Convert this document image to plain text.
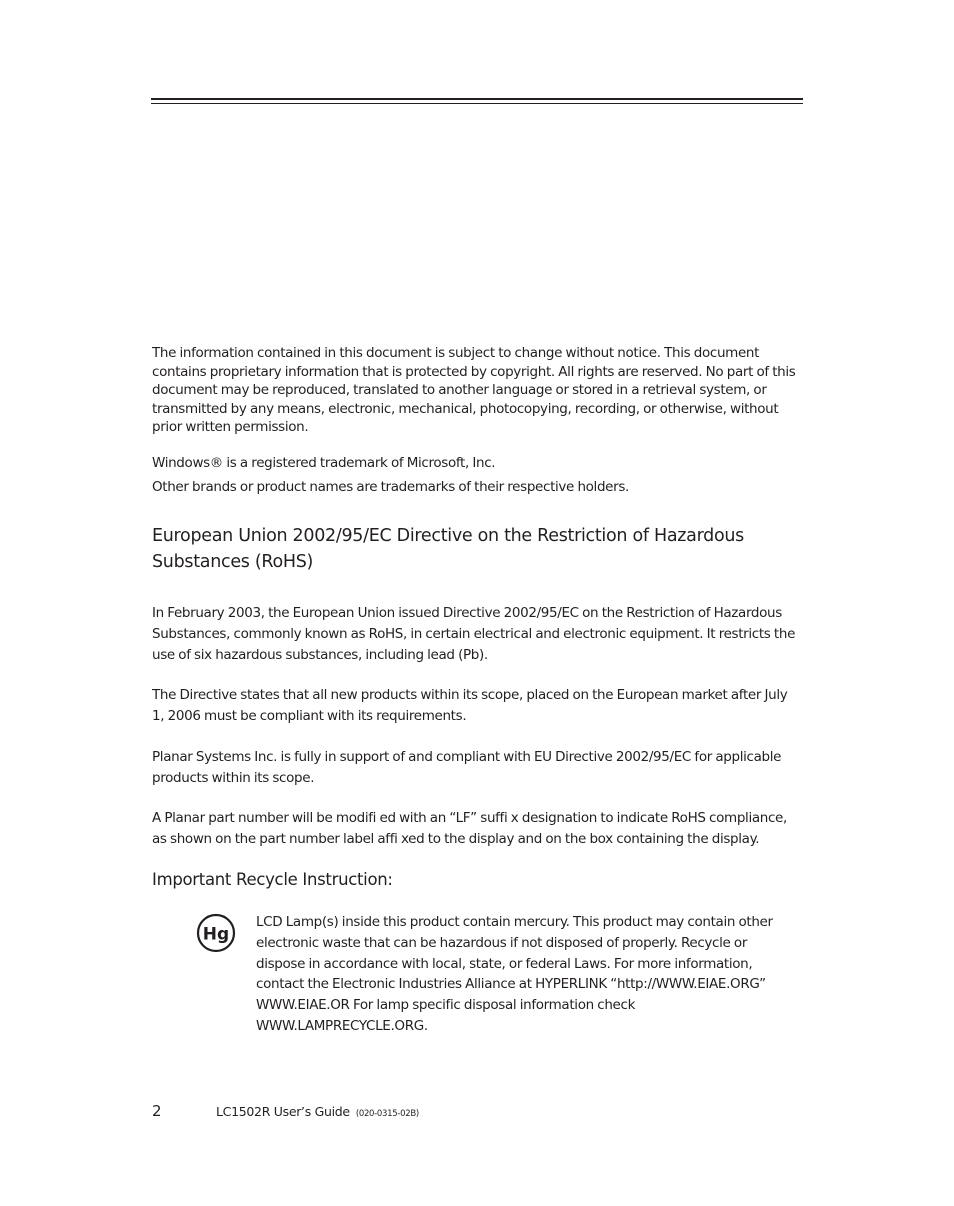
The information contained in this document is subject to change without notice. This document contains proprietary information that is protected by copyright. All rights are reserved. No part of this document may be reproduced, translated to another language or stored in a retrieval system, or transmitted by any means, electronic, mechanical, photocopying, recording, or otherwise, without prior written permission.

Windows® is a registered trademark of Microsoft, Inc.

Other brands or product names are trademarks of their respective holders.

European Union 2002/95/EC Directive on the Restriction of Hazardous Substances (RoHS)

In February 2003, the European Union issued Directive 2002/95/EC on the Restriction of Hazardous Substances, commonly known as RoHS, in certain electrical and electronic equipment. It restricts the use of six hazardous substances, including lead (Pb).

The Directive states that all new products within its scope, placed on the European market after July 1, 2006 must be compliant with its requirements.

Planar Systems Inc. is fully in support of and compliant with EU Directive 2002/95/EC for applicable products within its scope.

A Planar part number will be modifi ed with an “LF” suffi x designation to indicate RoHS compliance, as shown on the part number label affi xed to the display and on the box containing the display.

Important Recycle Instruction:
Hg

LCD Lamp(s) inside this product contain mercury. This product may contain other electronic waste that can be hazardous if not disposed of properly. Recycle or dispose in accordance with local, state, or federal Laws. For more information, contact the Electronic Industries Alliance at HYPERLINK “http://WWW.EIAE.ORG” WWW.EIAE.OR For lamp specific disposal information check WWW.LAMPRECYCLE.ORG.

2	LC1502R User’s Guide (020-0315-02B)
